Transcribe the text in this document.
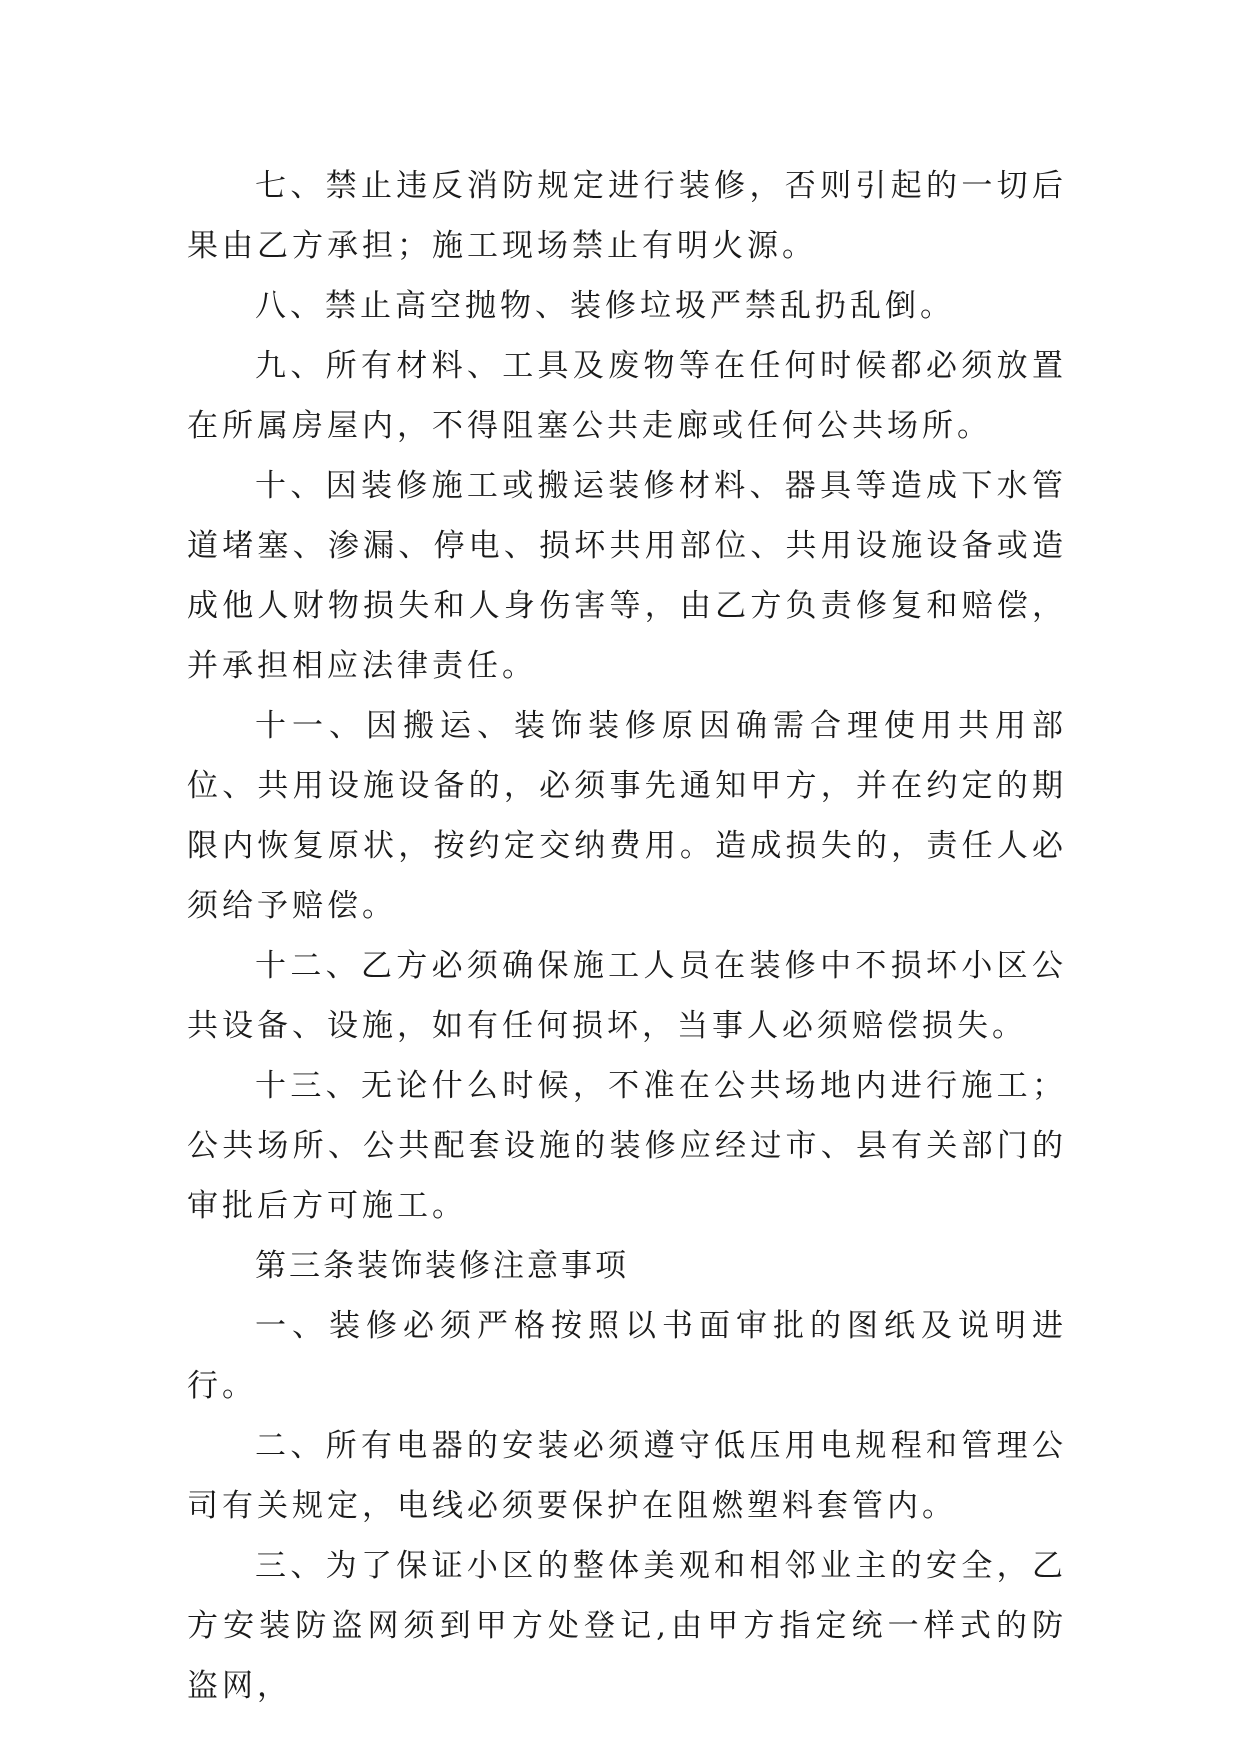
七、禁止违反消防规定进行装修，否则引起的一切后果由乙方承担；施工现场禁止有明火源。

八、禁止高空抛物、装修垃圾严禁乱扔乱倒。

九、所有材料、工具及废物等在任何时候都必须放置在所属房屋内，不得阻塞公共走廊或任何公共场所。

十、因装修施工或搬运装修材料、器具等造成下水管道堵塞、渗漏、停电、损坏共用部位、共用设施设备或造成他人财物损失和人身伤害等，由乙方负责修复和赔偿，并承担相应法律责任。

十一、因搬运、装饰装修原因确需合理使用共用部位、共用设施设备的，必须事先通知甲方，并在约定的期限内恢复原状，按约定交纳费用。造成损失的，责任人必须给予赔偿。

十二、乙方必须确保施工人员在装修中不损坏小区公共设备、设施，如有任何损坏，当事人必须赔偿损失。

十三、无论什么时候，不准在公共场地内进行施工；公共场所、公共配套设施的装修应经过市、县有关部门的审批后方可施工。

第三条装饰装修注意事项

一、装修必须严格按照以书面审批的图纸及说明进行。

二、所有电器的安装必须遵守低压用电规程和管理公司有关规定，电线必须要保护在阻燃塑料套管内。

三、为了保证小区的整体美观和相邻业主的安全，乙方安装防盗网须到甲方处登记,由甲方指定统一样式的防盗网，
